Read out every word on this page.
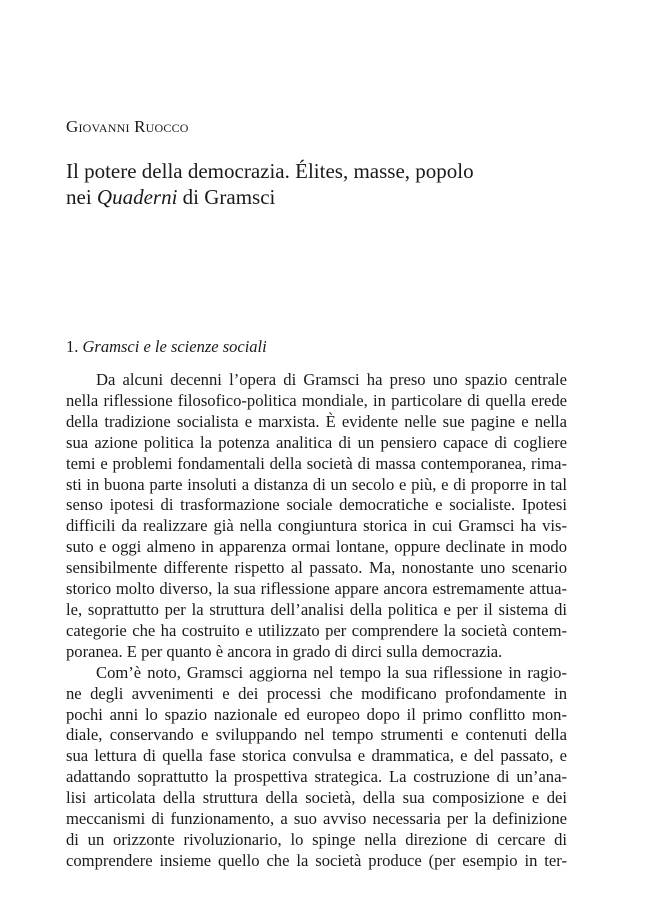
Giovanni Ruocco
Il potere della democrazia. Élites, masse, popolo
nei Quaderni di Gramsci
1. Gramsci e le scienze sociali
Da alcuni decenni l’opera di Gramsci ha preso uno spazio centrale
nella riflessione filosofico-politica mondiale, in particolare di quella erede
della tradizione socialista e marxista. È evidente nelle sue pagine e nella
sua azione politica la potenza analitica di un pensiero capace di cogliere
temi e problemi fondamentali della società di massa contemporanea, rima-
sti in buona parte insoluti a distanza di un secolo e più, e di proporre in tal
senso ipotesi di trasformazione sociale democratiche e socialiste. Ipotesi
difficili da realizzare già nella congiuntura storica in cui Gramsci ha vis-
suto e oggi almeno in apparenza ormai lontane, oppure declinate in modo
sensibilmente differente rispetto al passato. Ma, nonostante uno scenario
storico molto diverso, la sua riflessione appare ancora estremamente attua-
le, soprattutto per la struttura dell’analisi della politica e per il sistema di
categorie che ha costruito e utilizzato per comprendere la società contem-
poranea. E per quanto è ancora in grado di dirci sulla democrazia.
Com’è noto, Gramsci aggiorna nel tempo la sua riflessione in ragio-
ne degli avvenimenti e dei processi che modificano profondamente in
pochi anni lo spazio nazionale ed europeo dopo il primo conflitto mon-
diale, conservando e sviluppando nel tempo strumenti e contenuti della
sua lettura di quella fase storica convulsa e drammatica, e del passato, e
adattando soprattutto la prospettiva strategica. La costruzione di un’ana-
lisi articolata della struttura della società, della sua composizione e dei
meccanismi di funzionamento, a suo avviso necessaria per la definizione
di un orizzonte rivoluzionario, lo spinge nella direzione di cercare di
comprendere insieme quello che la società produce (per esempio in ter-
